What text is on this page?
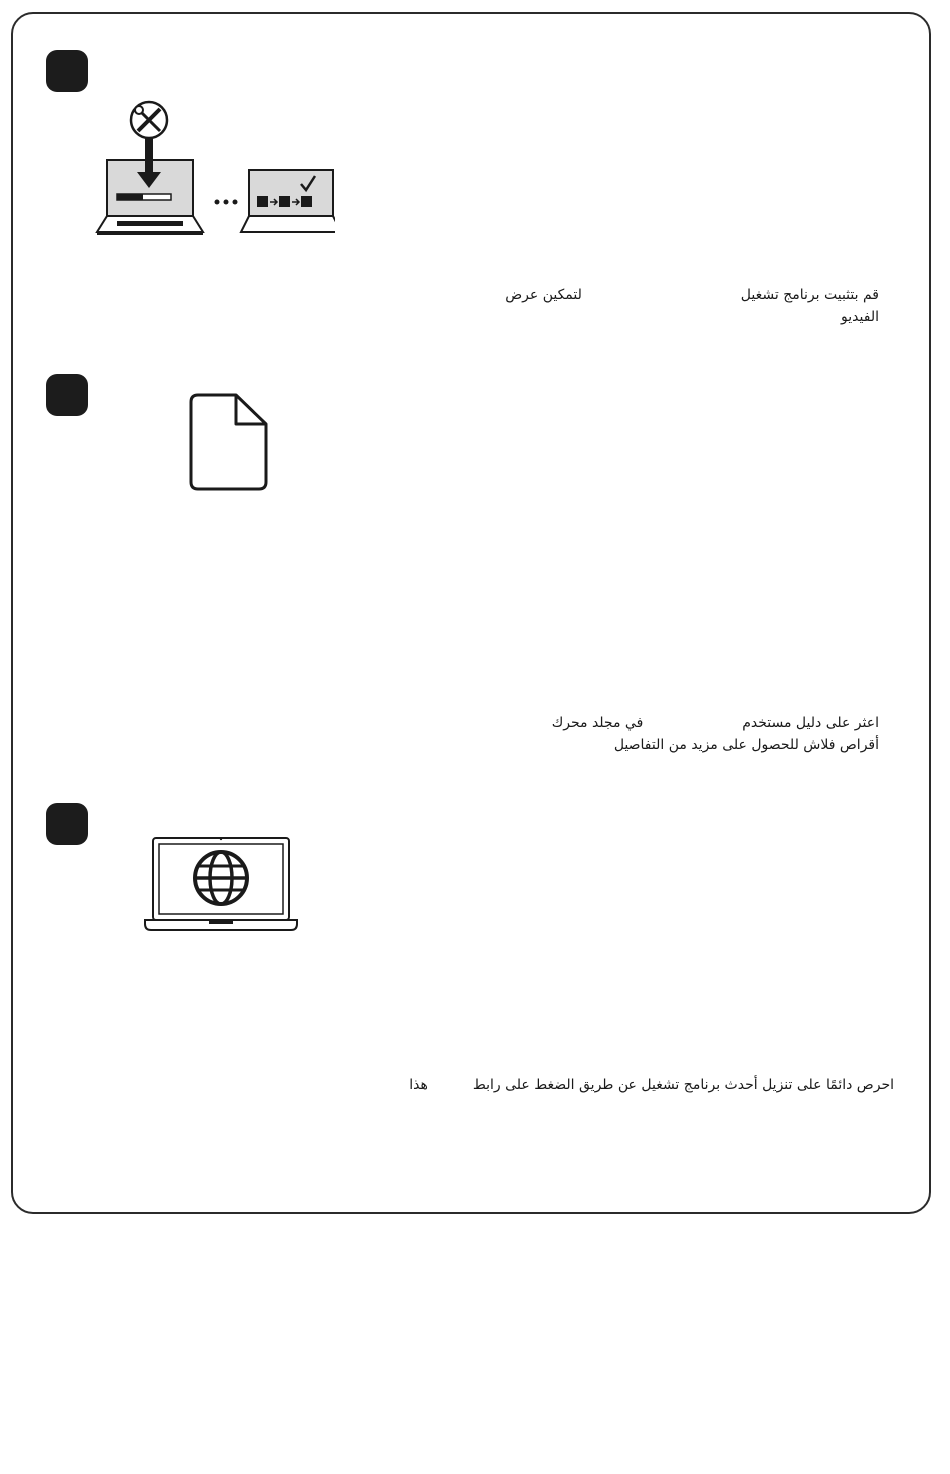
قم بتثبيت برنامج تشغيل  لتمكين عرض
الفيديو
اعثر على دليل مستخدم  في مجلد محرك
أقراص فلاش للحصول على مزيد من التفاصيل
احرص دائمًا على تنزيل أحدث برنامج تشغيل عن طريق الضغط على رابط  هذا
